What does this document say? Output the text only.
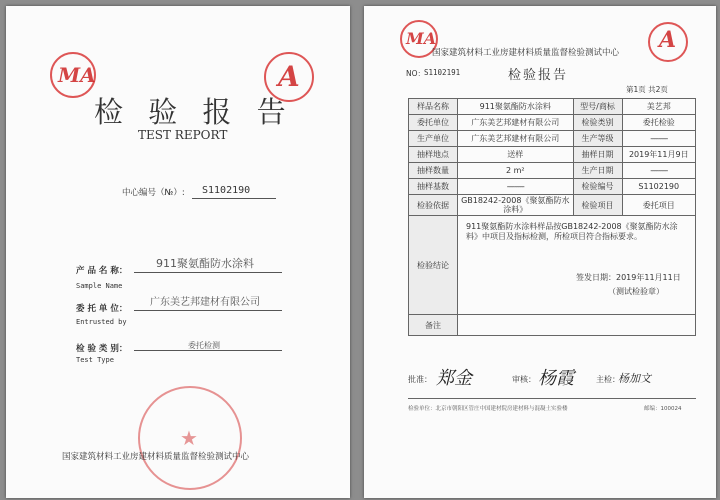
MA	A
检 验 报 告
TEST REPORT
中心编号（№）: S1102190
产 品 名 称：
911聚氨酯防水涂料
Sample Name
委 托 单 位：
广东美艺邦建材有限公司
Entrusted by
检 验 类 别：	委托检测
Test Type
★
国家建筑材料工业房建材料质量监督检验测试中心
MA	A
国家建筑材料工业房建材料质量监督检验测试中心
NO：
S1102191	检验报告
第1页 共2页
样品名称	911聚氨酯防水涂料	型号/商标	美艺邦
委托单位	广东美艺邦建材有限公司	检验类别	委托检验
生产单位	广东美艺邦建材有限公司	生产等级	---------
抽样地点	送样	抽样日期	2019年11月9日
抽样数量	2 m²	生产日期	---------
抽样基数	---------	检验编号	S1102190
检验依据	GB18242-2008《聚氨酯防水涂料》	检验项目	委托项目
检验结论	911聚氨酯防水涂料样品按GB18242-2008《聚氨酯防水涂料》中项目及指标检测，所检项目符合指标要求。
签发日期：2019年11月11日
（测试检验章）		

备注			
批准： 郑金	审核： 杨霞	主检：
杨加文
检验单位：北京市朝阳区管庄中国建材院房建材料与混凝土实验楼	邮编：100024
